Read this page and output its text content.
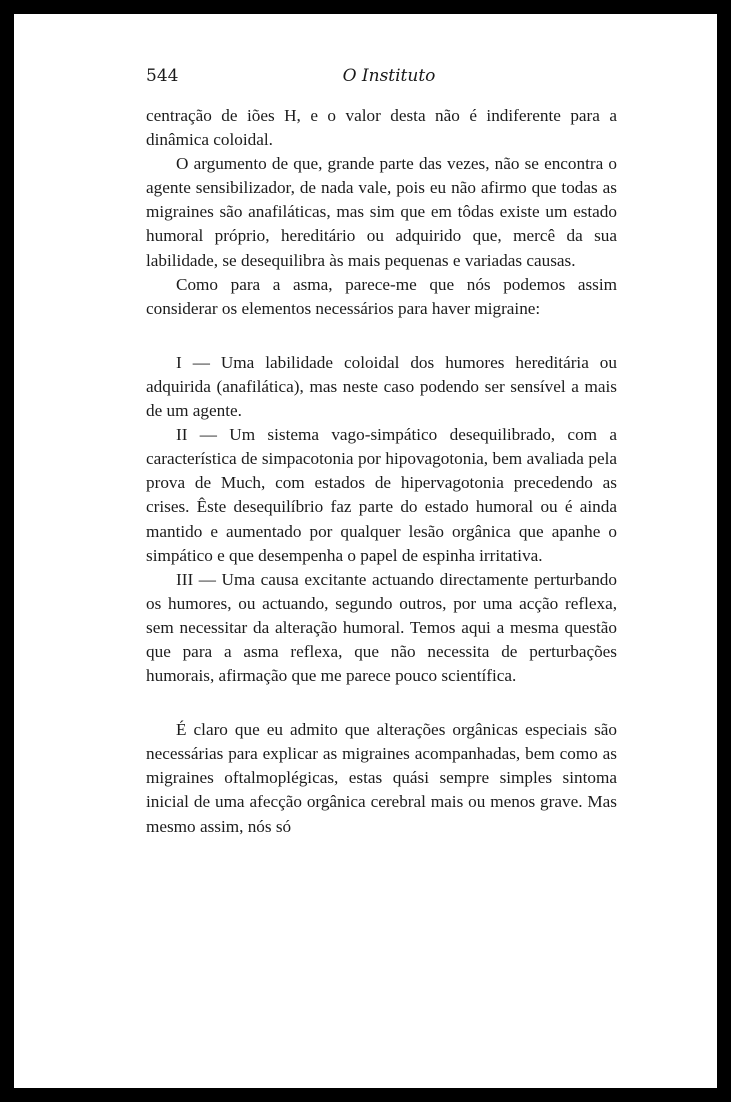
544	O Instituto

centração de iões H, e o valor desta não é indiferente para a dinâmica coloidal.

O argumento de que, grande parte das vezes, não se encontra o agente sensibilizador, de nada vale, pois eu não afirmo que todas as migraines são anafiláticas, mas sim que em tôdas existe um estado humoral próprio, hereditário ou adquirido que, mercê da sua labilidade, se desequilibra às mais pequenas e variadas causas.

Como para a asma, parece-me que nós podemos assim considerar os elementos necessários para haver migraine:

I — Uma labilidade coloidal dos humores hereditária ou adquirida (anafilática), mas neste caso podendo ser sensível a mais de um agente.

II — Um sistema vago-simpático desequilibrado, com a característica de simpacotonia por hipovagotonia, bem avaliada pela prova de Much, com estados de hipervagotonia precedendo as crises. Êste desequilíbrio faz parte do estado humoral ou é ainda mantido e aumentado por qualquer lesão orgânica que apanhe o simpático e que desempenha o papel de espinha irritativa.

III — Uma causa excitante actuando directamente perturbando os humores, ou actuando, segundo outros, por uma acção reflexa, sem necessitar da alteração humoral. Temos aqui a mesma questão que para a asma reflexa, que não necessita de perturbações humorais, afirmação que me parece pouco scientífica.

É claro que eu admito que alterações orgânicas especiais são necessárias para explicar as migraines acompanhadas, bem como as migraines oftalmoplégicas, estas quási sempre simples sintoma inicial de uma afecção orgânica cerebral mais ou menos grave. Mas mesmo assim, nós só
